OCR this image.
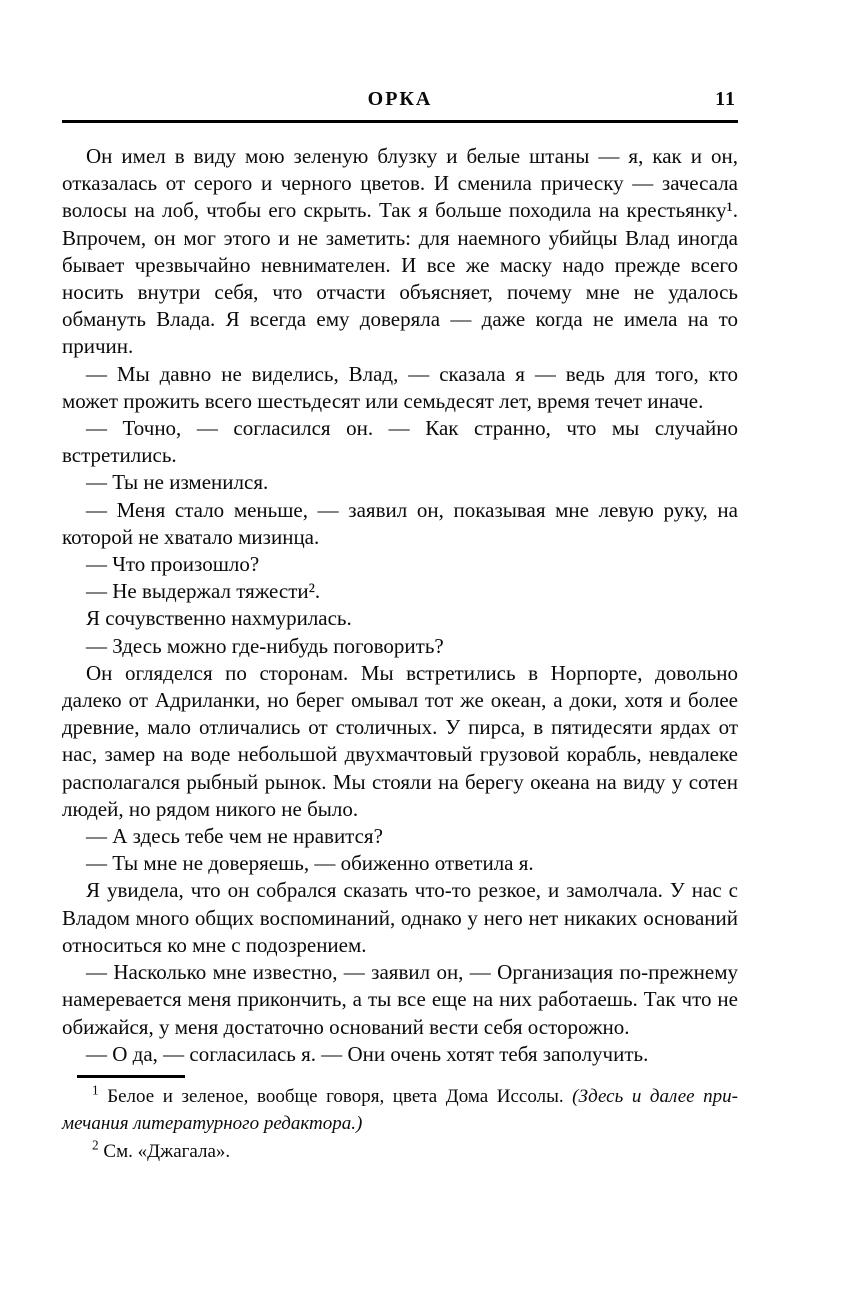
ОРКА	11

Он имел в виду мою зеленую блузку и белые штаны — я, как и он, отказалась от серого и черного цветов. И сменила прическу — зачесала волосы на лоб, чтобы его скрыть. Так я больше походила на крестьянку¹. Впрочем, он мог этого и не заметить: для наемного убийцы Влад иногда бывает чрезвычайно невнимателен. И все же маску надо прежде всего носить внутри себя, что отчасти объясняет, почему мне не удалось обмануть Влада. Я всегда ему доверяла — даже когда не имела на то причин.

— Мы давно не виделись, Влад, — сказала я — ведь для того, кто может прожить всего шестьдесят или семьдесят лет, время течет иначе.

— Точно, — согласился он. — Как странно, что мы случайно встретились.

— Ты не изменился.

— Меня стало меньше, — заявил он, показывая мне левую руку, на которой не хватало мизинца.

— Что произошло?

— Не выдержал тяжести².

Я сочувственно нахмурилась.

— Здесь можно где-нибудь поговорить?

Он огляделся по сторонам. Мы встретились в Норпорте, довольно далеко от Адриланки, но берег омывал тот же океан, а доки, хотя и более древние, мало отличались от столичных. У пирса, в пятидесяти ярдах от нас, замер на воде небольшой двухмачтовый грузовой корабль, невдалеке располагался рыбный рынок. Мы стояли на берегу океана на виду у сотен людей, но рядом никого не было.

— А здесь тебе чем не нравится?

— Ты мне не доверяешь, — обиженно ответила я.

Я увидела, что он собрался сказать что-то резкое, и замолчала. У нас с Владом много общих воспоминаний, однако у него нет никаких оснований относиться ко мне с подозрением.

— Насколько мне известно, — заявил он, — Организация по-прежнему намеревается меня прикончить, а ты все еще на них работаешь. Так что не обижайся, у меня достаточно оснований вести себя осторожно.

— О да, — согласилась я. — Они очень хотят тебя заполучить.

$^1$ Белое и зеленое, вообще говоря, цвета Дома Иссолы. (Здесь и далее примечания литературного редактора.)

$^2$ См. «Джагала».
